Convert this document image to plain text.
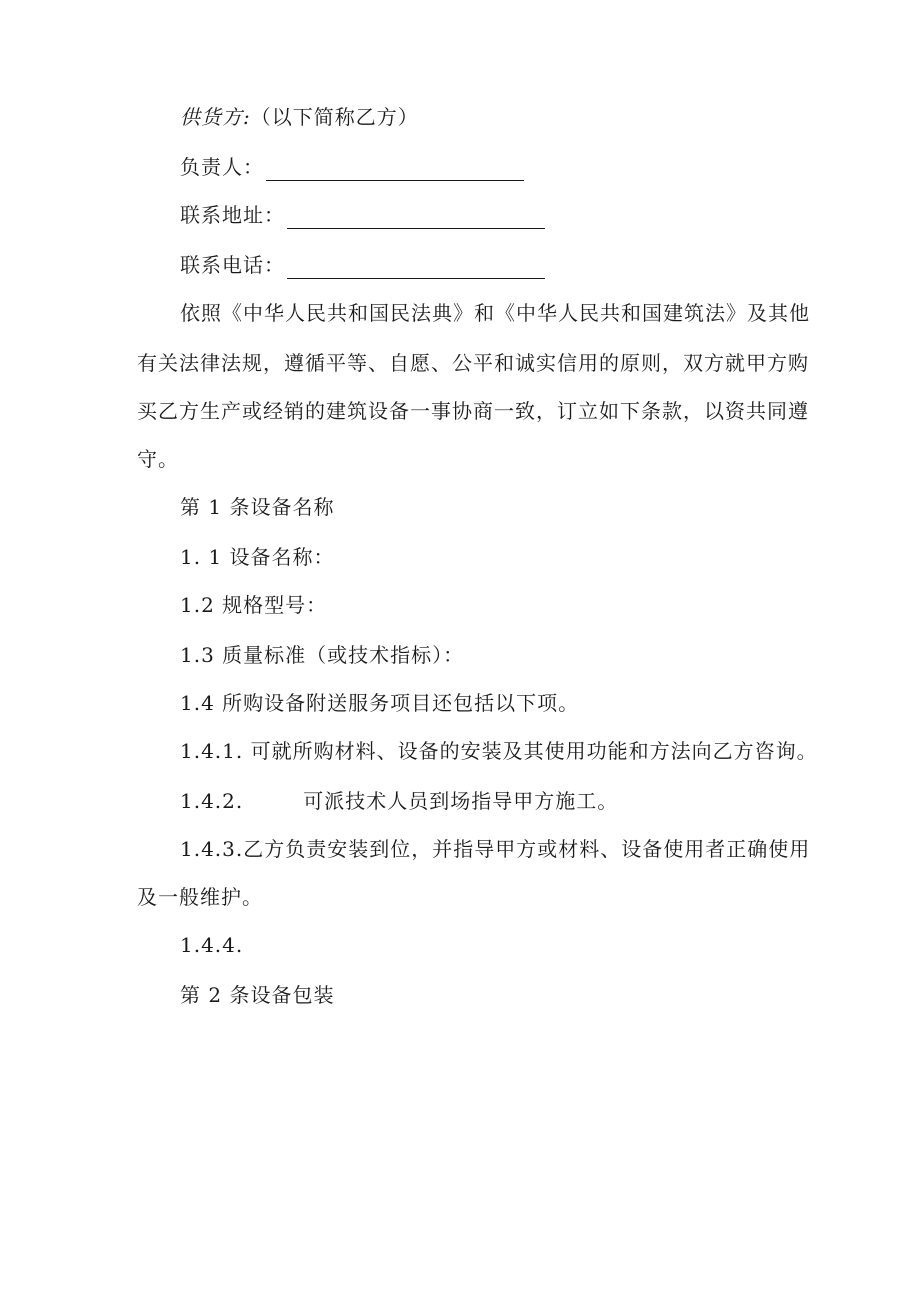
供货方:（以下简称乙方）
负责人：
联系地址：
联系电话：
依照《中华人民共和国民法典》和《中华人民共和国建筑法》及其他
有关法律法规，遵循平等、自愿、公平和诚实信用的原则，双方就甲方购
买乙方生产或经销的建筑设备一事协商一致，订立如下条款，以资共同遵
守。
第 1 条设备名称
1. 1 设备名称：
1.2 规格型号：
1.3 质量标准（或技术指标）：
1.4 所购设备附送服务项目还包括以下项。
1.4.1. 可就所购材料、设备的安装及其使用功能和方法向乙方咨询。
1.4.2.	可派技术人员到场指导甲方施工。
1.4.3.乙方负责安装到位，并指导甲方或材料、设备使用者正确使用
及一般维护。
1.4.4.
第 2 条设备包装
